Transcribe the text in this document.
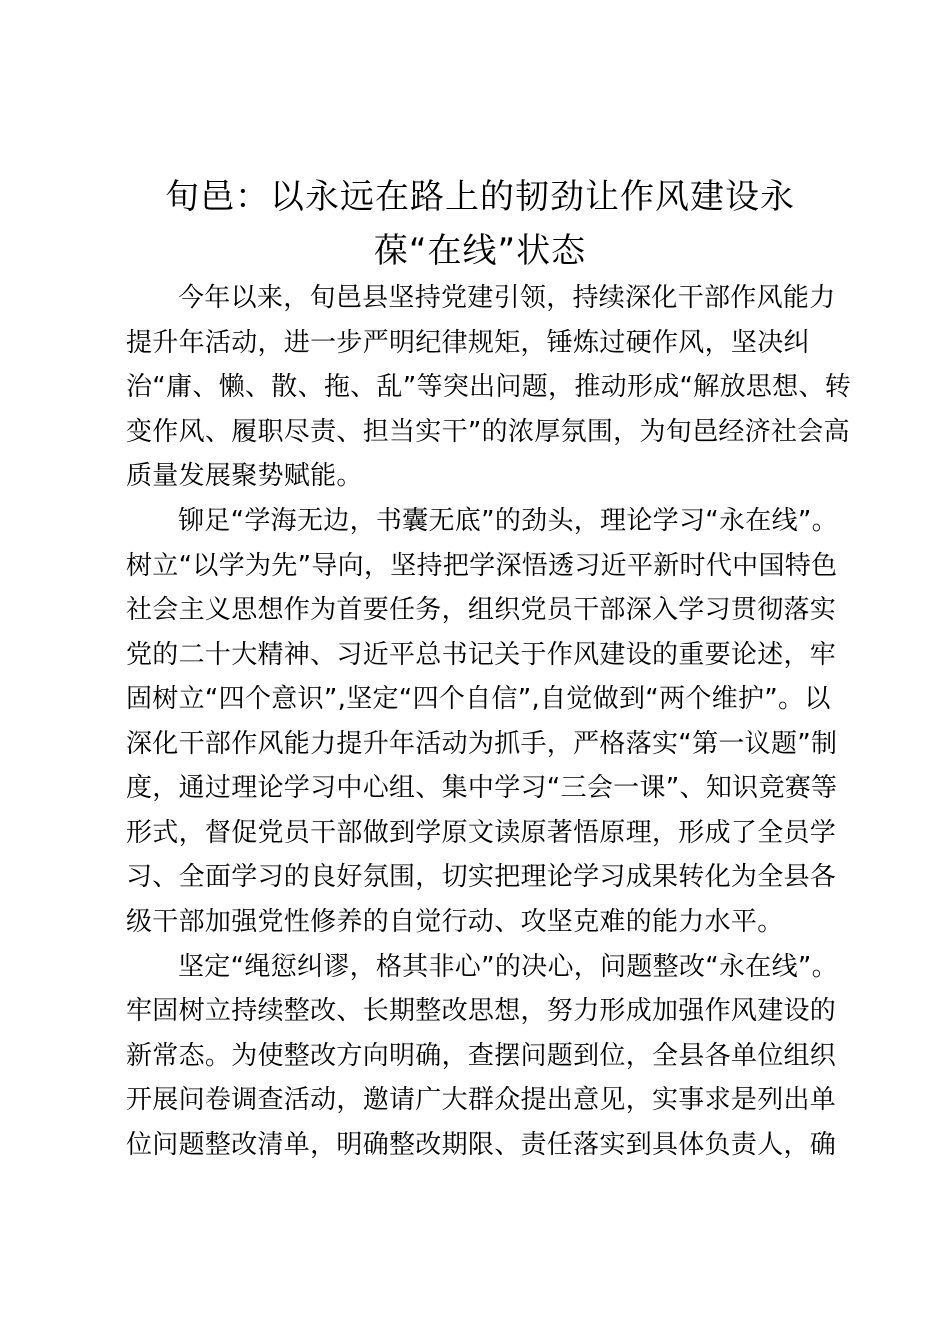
旬邑：以永远在路上的韧劲让作风建设永
葆“在线”状态
今年以来，旬邑县坚持党建引领，持续深化干部作风能力
提升年活动，进一步严明纪律规矩，锤炼过硬作风，坚决纠
治“庸、懒、散、拖、乱”等突出问题，推动形成“解放思想、转
变作风、履职尽责、担当实干”的浓厚氛围，为旬邑经济社会高
质量发展聚势赋能。
铆足“学海无边，书囊无底”的劲头，理论学习“永在线”。
树立“以学为先”导向，坚持把学深悟透习近平新时代中国特色
社会主义思想作为首要任务，组织党员干部深入学习贯彻落实
党的二十大精神、习近平总书记关于作风建设的重要论述，牢
固树立“四个意识”,坚定“四个自信”,自觉做到“两个维护”。以
深化干部作风能力提升年活动为抓手，严格落实“第一议题”制
度，通过理论学习中心组、集中学习“三会一课”、知识竞赛等
形式，督促党员干部做到学原文读原著悟原理，形成了全员学
习、全面学习的良好氛围，切实把理论学习成果转化为全县各
级干部加强党性修养的自觉行动、攻坚克难的能力水平。
坚定“绳愆纠谬，格其非心”的决心，问题整改“永在线”。
牢固树立持续整改、长期整改思想，努力形成加强作风建设的
新常态。为使整改方向明确，查摆问题到位，全县各单位组织
开展问卷调查活动，邀请广大群众提出意见，实事求是列出单
位问题整改清单，明确整改期限、责任落实到具体负责人，确
